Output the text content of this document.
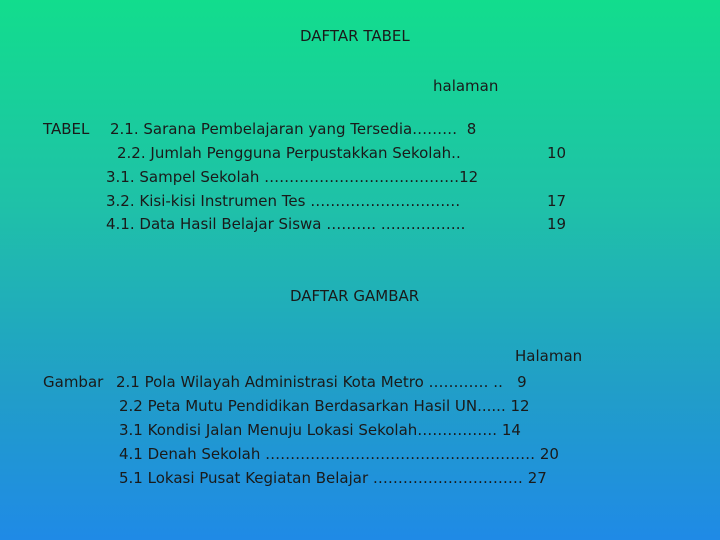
DAFTAR TABEL
halaman
TABEL 2.1. Sarana Pembelajaran yang Tersedia………  8
2.2. Jumlah Pengguna Perpustakkan Sekolah..	10
3.1. Sampel Sekolah …………………………………12
3.2. Kisi-kisi Instrumen Tes …………………………	17
4.1. Data Hasil Belajar Siswa ………. ……………..	19
DAFTAR GAMBAR
Halaman
Gambar 2.1 Pola Wilayah Administrasi Kota Metro ………… ..   9
2.2 Peta Mutu Pendidikan Berdasarkan Hasil UN...... 12
3.1 Kondisi Jalan Menuju Lokasi Sekolah……………. 14
4.1 Denah Sekolah ……………………………………………… 20
5.1 Lokasi Pusat Kegiatan Belajar ………………………… 27
